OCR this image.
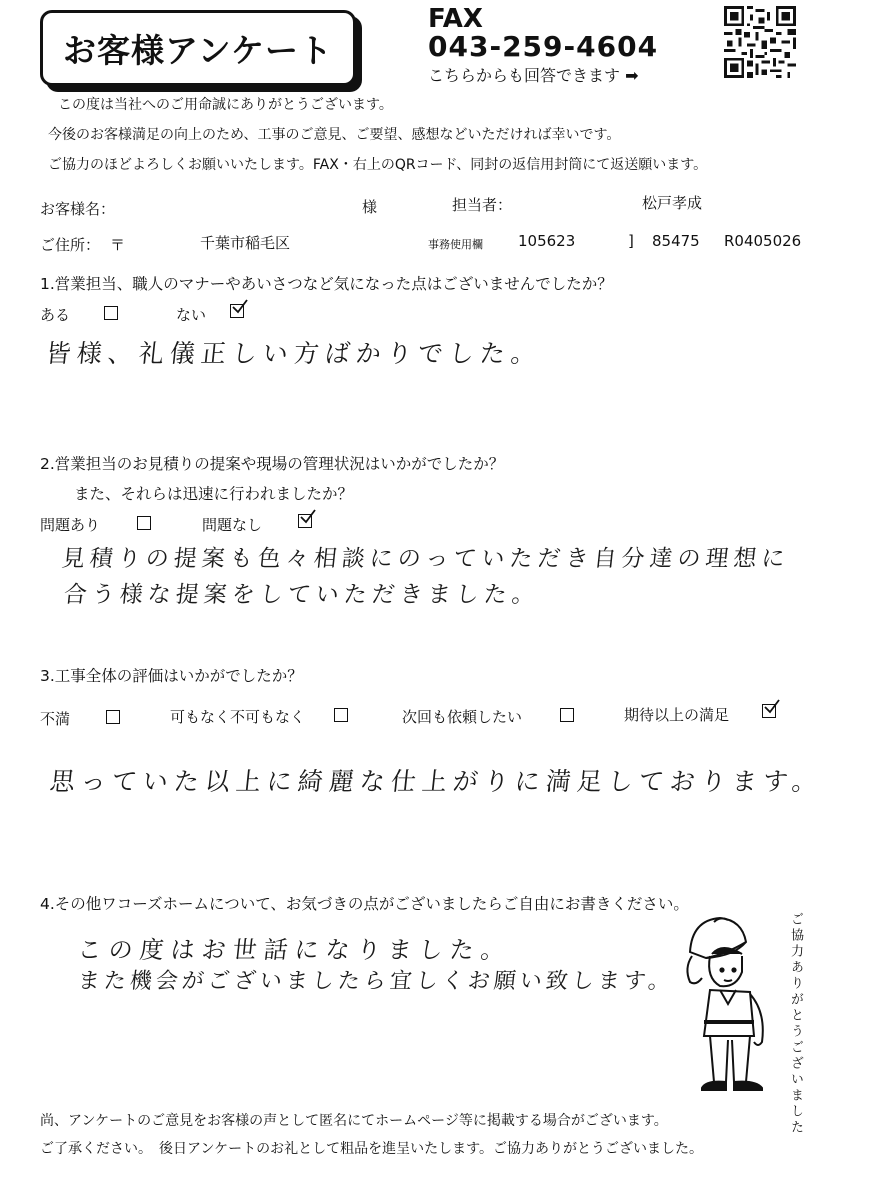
お客様アンケート
FAX
043-259-4604
こちらからも回答できます ➡
この度は当社へのご用命誠にありがとうございます。
今後のお客様満足の向上のため、工事のご意見、ご要望、感想などいただければ幸いです。
ご協力のほどよろしくお願いいたします。FAX・右上のQRコード、同封の返信用封筒にて返送願います。
お客様名：	様	担当者：	松戸孝成
ご住所： 〒	千葉市稲毛区	事務使用欄 105623	] 85475 R0405026
1.営業担当、職人のマナーやあいさつなど気になった点はございませんでしたか？
ある	ない
皆様、礼儀正しい方ばかりでした。
2.営業担当のお見積りの提案や現場の管理状況はいかがでしたか？
また、それらは迅速に行われましたか？
問題あり	問題なし
見積りの提案も色々相談にのっていただき自分達の理想に
合う様な提案をしていただきました。
3.工事全体の評価はいかがでしたか？
不満	可もなく不可もなく	次回も依頼したい	期待以上の満足
思っていた以上に綺麗な仕上がりに満足しております。
4.その他ワコーズホームについて、お気づきの点がございましたらご自由にお書きください。
この度はお世話になりました。
また機会がございましたら宜しくお願い致します。	ご協力ありがとうございました
尚、アンケートのご意見をお客様の声として匿名にてホームページ等に掲載する場合がございます。
ご了承ください。　後日アンケートのお礼として粗品を進呈いたします。ご協力ありがとうございました。
